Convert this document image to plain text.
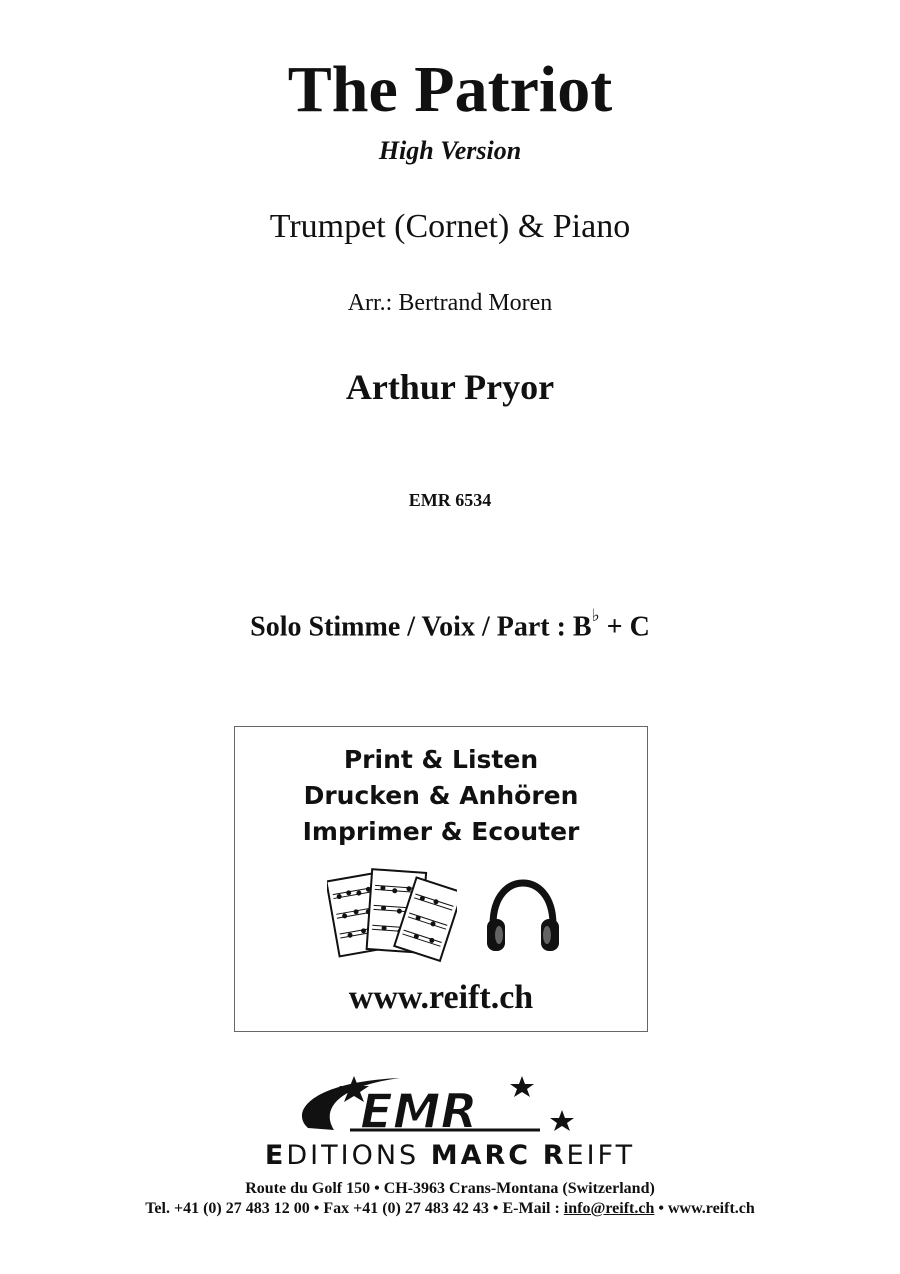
The Patriot
High Version
Trumpet (Cornet) & Piano
Arr.: Bertrand Moren
Arthur Pryor
EMR 6534
Solo Stimme / Voix / Part : B♭ + C
Print & Listen
Drucken & Anhören
Imprimer & Ecouter
www.reift.ch
EMR
EDITIONS MARC REIFT
Route du Golf 150 • CH-3963 Crans-Montana (Switzerland)
Tel. +41 (0) 27 483 12 00 • Fax +41 (0) 27 483 42 43 • E-Mail : info@reift.ch • www.reift.ch
